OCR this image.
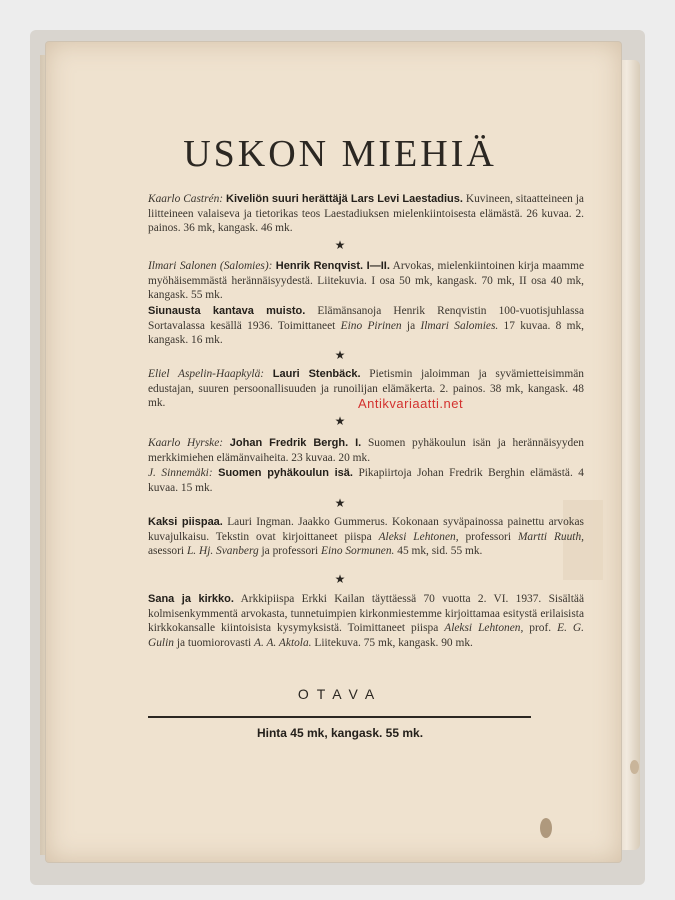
USKON MIEHIÄ

Kaarlo Castrén: Kiveliön suuri herättäjä Lars Levi Laestadius. Kuvineen, sitaatteineen ja liitteineen valaiseva ja tietorikas teos Laestadiuksen mielenkiintoisesta elämästä. 26 kuvaa. 2. painos. 36 mk, kangask. 46 mk.

★

Ilmari Salonen (Salomies): Henrik Renqvist. I—II. Arvokas, mielenkiintoinen kirja maamme myöhäisemmästä herännäisyydestä. Liitekuvia. I osa 50 mk, kangask. 70 mk, II osa 40 mk, kangask. 55 mk.

Siunausta kantava muisto. Elämänsanoja Henrik Renqvistin 100-vuotisjuhlassa Sortavalassa kesällä 1936. Toimittaneet Eino Pirinen ja Ilmari Salomies. 17 kuvaa. 8 mk, kangask. 16 mk.

★

Eliel Aspelin-Haapkylä: Lauri Stenbäck. Pietismin jaloimman ja syvämietteisimmän edustajan, suuren persoonallisuuden ja runoilijan elämäkerta. 2. painos. 38 mk, kangask. 48 mk.

★

Kaarlo Hyrske: Johan Fredrik Bergh. I. Suomen pyhäkoulun isän ja herännäisyyden merkkimiehen elämänvaiheita. 23 kuvaa. 20 mk.

J. Sinnemäki: Suomen pyhäkoulun isä. Pikapiirtoja Johan Fredrik Berghin elämästä. 4 kuvaa. 15 mk.

★

Kaksi piispaa. Lauri Ingman. Jaakko Gummerus. Kokonaan syväpainossa painettu arvokas kuvajulkaisu. Tekstin ovat kirjoittaneet piispa Aleksi Lehtonen, professori Martti Ruuth, asessori L. Hj. Svanberg ja professori Eino Sormunen. 45 mk, sid. 55 mk.

★

Sana ja kirkko. Arkkipiispa Erkki Kailan täyttäessä 70 vuotta 2. VI. 1937. Sisältää kolmisenkymmentä arvokasta, tunnetuimpien kirkonmiestemme kirjoittamaa esitystä erilaisista kirkkokansalle kiintoisista kysymyksistä. Toimittaneet piispa Aleksi Lehtonen, prof. E. G. Gulin ja tuomiorovasti A. A. Aktola. Liitekuva. 75 mk, kangask. 90 mk.

OTAVA
Hinta 45 mk, kangask. 55 mk.
Antikvariaatti.net
